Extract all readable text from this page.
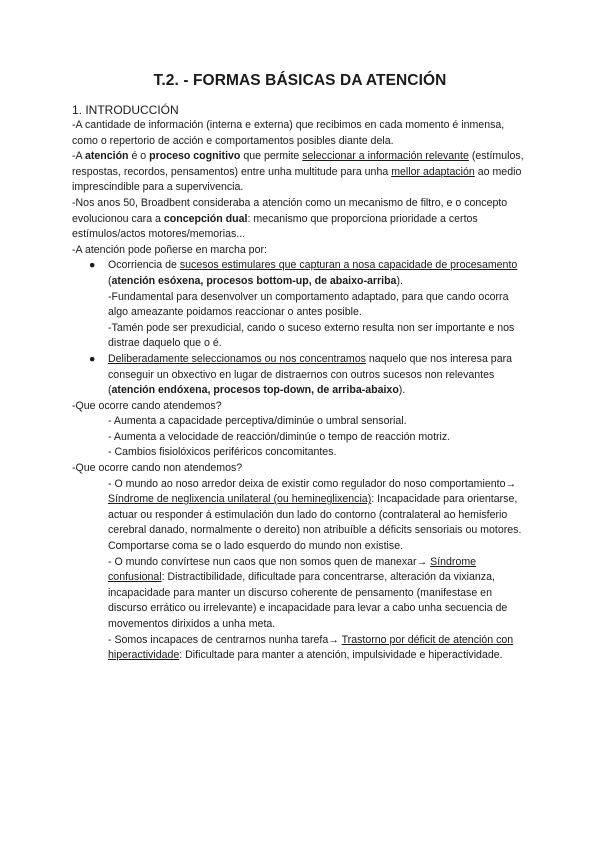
T.2. - FORMAS BÁSICAS DA ATENCIÓN
1. INTRODUCCIÓN

-A cantidade de información (interna e externa) que recibimos en cada momento é inmensa, como o repertorio de acción e comportamentos posibles diante dela.

-A atención é o proceso cognitivo que permite seleccionar a información relevante (estímulos, respostas, recordos, pensamentos) entre unha multitude para unha mellor adaptación ao medio imprescindible para a supervivencia.

-Nos anos 50, Broadbent consideraba a atención como un mecanismo de filtro, e o concepto evolucionou cara a concepción dual: mecanismo que proporciona prioridade a certos estímulos/actos motores/memorias...

-A atención pode poñerse en marcha por:

● Ocorriencia de sucesos estimulares que capturan a nosa capacidade de procesamento (atención esóxena, procesos bottom-up, de abaixo-arriba).

-Fundamental para desenvolver un comportamento adaptado, para que cando ocorra algo ameazante poidamos reaccionar o antes posible.

-Tamén pode ser prexudicial, cando o suceso externo resulta non ser importante e nos distrae daquelo que o é.

● Deliberadamente seleccionamos ou nos concentramos naquelo que nos interesa para conseguir un obxectivo en lugar de distraernos con outros sucesos non relevantes (atención endóxena, procesos top-down, de arriba-abaixo).

-Que ocorre cando atendemos?

- Aumenta a capacidade perceptiva/diminúe o umbral sensorial.

- Aumenta a velocidade de reacción/diminúe o tempo de reacción motriz.

- Cambios fisiolóxicos periféricos concomitantes.

-Que ocorre cando non atendemos?

- O mundo ao noso arredor deixa de existir como regulador do noso comportamiento→ Síndrome de neglixencia unilateral (ou hemineglixencia): Incapacidade para orientarse, actuar ou responder á estimulación dun lado do contorno (contralateral ao hemisferio cerebral danado, normalmente o dereito) non atribuíble a déficits sensoriais ou motores. Comportarse coma se o lado esquerdo do mundo non existise.

- O mundo convírtese nun caos que non somos quen de manexar→ Síndrome confusional: Distractibilidade, dificultade para concentrarse, alteración da vixianza, incapacidade para manter un discurso coherente de pensamento (manifestase en discurso errático ou irrelevante) e incapacidade para levar a cabo unha secuencia de movementos dirixidos a unha meta.

- Somos incapaces de centrarnos nunha tarefa→ Trastorno por déficit de atención con hiperactividade: Dificultade para manter a atención, impulsividade e hiperactividade.
